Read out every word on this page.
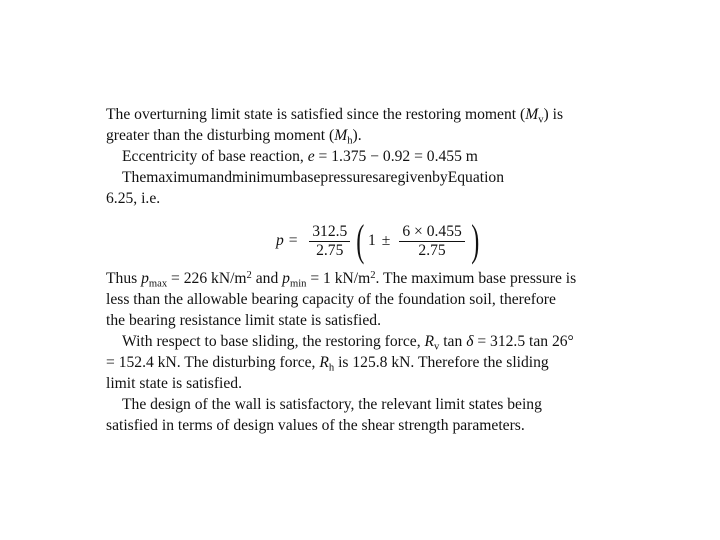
The overturning limit state is satisfied since the restoring moment $(M_v)$ is
greater than the disturbing moment $(M_h)$.

Eccentricity of base reaction, e = 1.375 − 0.92 = 0.455 m

ThemaximumandminimumbasepressuresaregivenbyEquation
6.25, i.e.

$p = \frac{312.5}{2.75}$ ( $1 \pm \frac{6 \times 0.455}{2.75}$ )

Thus $p_{max} = 226$ $kN/m^2$ and $p_{min} = 1$ $kN/m^2$. The maximum base pressure is
less than the allowable bearing capacity of the foundation soil, therefore
the bearing resistance limit state is satisfied.

With respect to base sliding, the restoring force, $R_v$ tan δ = 312.5 tan 26°
= 152.4 kN. The disturbing force, $R_h$ is 125.8 kN. Therefore the sliding
limit state is satisfied.

The design of the wall is satisfactory, the relevant limit states being
satisfied in terms of design values of the shear strength parameters.
